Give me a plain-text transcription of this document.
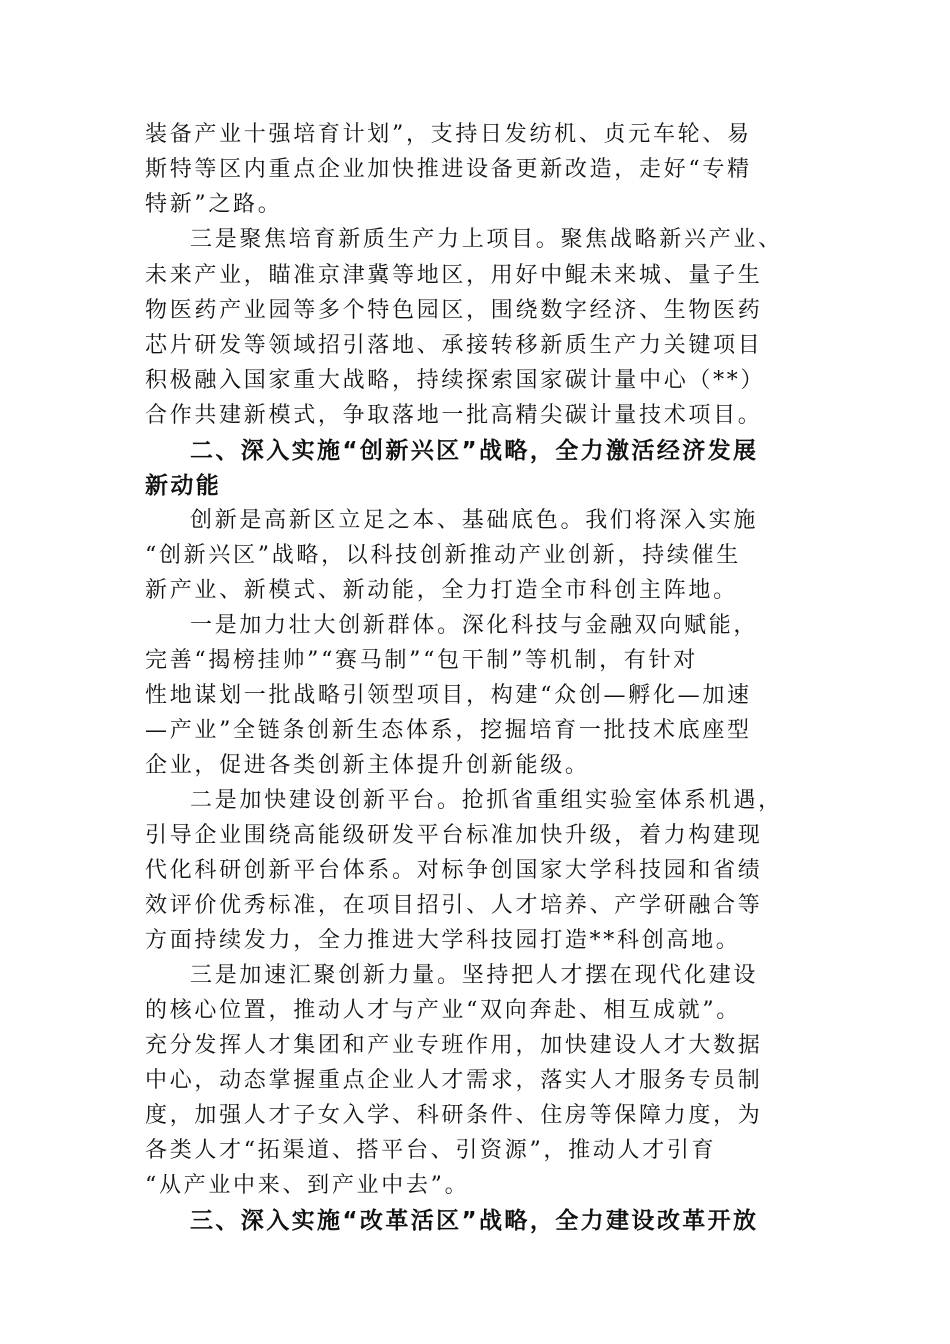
装备产业十强培育计划”，支持日发纺机、贞元车轮、易
斯特等区内重点企业加快推进设备更新改造，走好“专精
特新”之路。
三是聚焦培育新质生产力上项目。聚焦战略新兴产业、
未来产业，瞄准京津冀等地区，用好中鲲未来城、量子生
物医药产业园等多个特色园区，围绕数字经济、生物医药
芯片研发等领域招引落地、承接转移新质生产力关键项目
积极融入国家重大战略，持续探索国家碳计量中心（**）
合作共建新模式，争取落地一批高精尖碳计量技术项目。
二、深入实施“创新兴区”战略，全力激活经济发展
新动能
创新是高新区立足之本、基础底色。我们将深入实施
“创新兴区”战略，以科技创新推动产业创新，持续催生
新产业、新模式、新动能，全力打造全市科创主阵地。
一是加力壮大创新群体。深化科技与金融双向赋能，
完善“揭榜挂帅”“赛马制”“包干制”等机制，有针对
性地谋划一批战略引领型项目，构建“众创—孵化—加速
—产业”全链条创新生态体系，挖掘培育一批技术底座型
企业，促进各类创新主体提升创新能级。
二是加快建设创新平台。抢抓省重组实验室体系机遇，
引导企业围绕高能级研发平台标准加快升级，着力构建现
代化科研创新平台体系。对标争创国家大学科技园和省绩
效评价优秀标准，在项目招引、人才培养、产学研融合等
方面持续发力，全力推进大学科技园打造**科创高地。
三是加速汇聚创新力量。坚持把人才摆在现代化建设
的核心位置，推动人才与产业“双向奔赴、相互成就”。
充分发挥人才集团和产业专班作用，加快建设人才大数据
中心，动态掌握重点企业人才需求，落实人才服务专员制
度，加强人才子女入学、科研条件、住房等保障力度，为
各类人才“拓渠道、搭平台、引资源”，推动人才引育
“从产业中来、到产业中去”。
三、深入实施“改革活区”战略，全力建设改革开放
